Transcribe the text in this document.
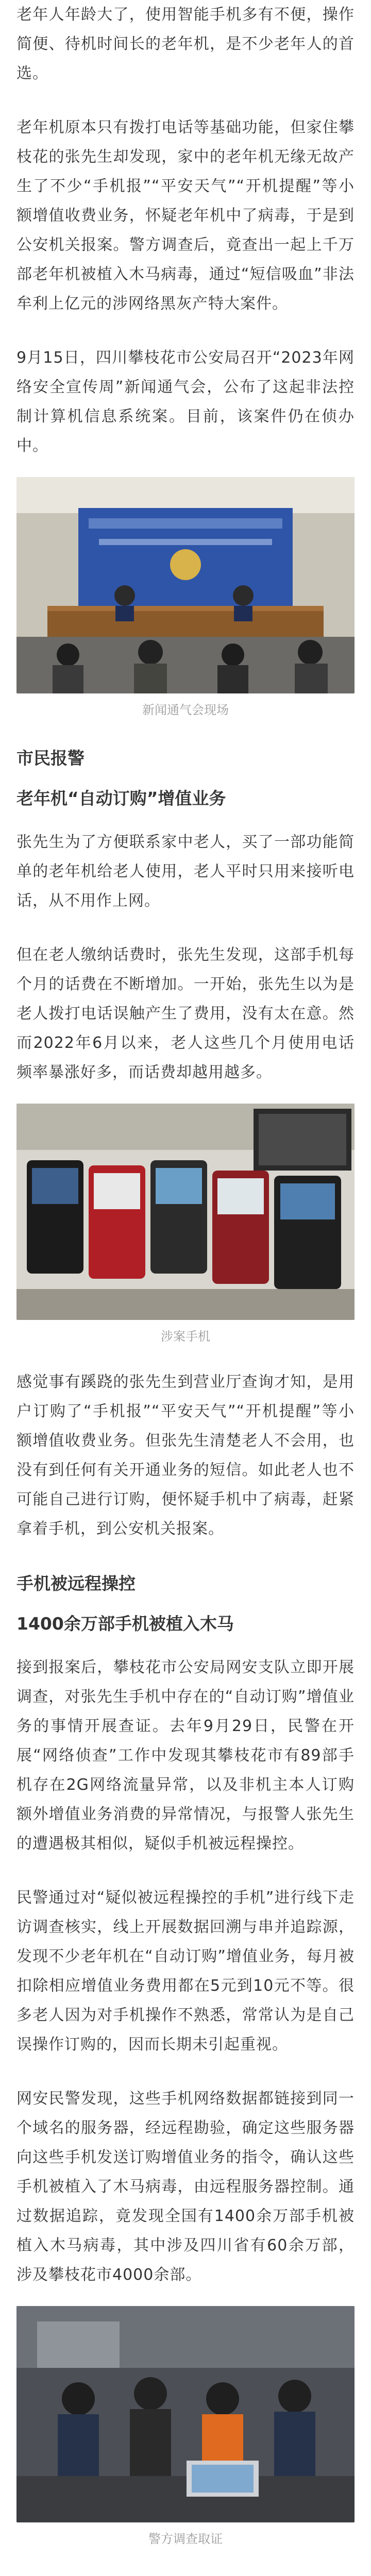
老年人年龄大了，使用智能手机多有不便，操作简便、待机时间长的老年机，是不少老年人的首选。

老年机原本只有拨打电话等基础功能，但家住攀枝花的张先生却发现，家中的老年机无缘无故产生了不少“手机报”“平安天气”“开机提醒”等小额增值收费业务，怀疑老年机中了病毒，于是到公安机关报案。警方调查后，竟查出一起上千万部老年机被植入木马病毒，通过“短信吸血”非法牟利上亿元的涉网络黑灰产特大案件。

9月15日，四川攀枝花市公安局召开“2023年网络安全宣传周”新闻通气会，公布了这起非法控制计算机信息系统案。目前，该案件仍在侦办中。

新闻通气会现场
市民报警
老年机“自动订购”增值业务

张先生为了方便联系家中老人，买了一部功能简单的老年机给老人使用，老人平时只用来接听电话，从不用作上网。

但在老人缴纳话费时，张先生发现，这部手机每个月的话费在不断增加。一开始，张先生以为是老人拨打电话误触产生了费用，没有太在意。然而2022年6月以来，老人这些几个月使用电话频率暴涨好多，而话费却越用越多。

涉案手机

感觉事有蹊跷的张先生到营业厅查询才知，是用户订购了“手机报”“平安天气”“开机提醒”等小额增值收费业务。但张先生清楚老人不会用，也没有到任何有关开通业务的短信。如此老人也不可能自己进行订购，便怀疑手机中了病毒，赶紧拿着手机，到公安机关报案。

手机被远程操控
1400余万部手机被植入木马

接到报案后，攀枝花市公安局网安支队立即开展调查，对张先生手机中存在的“自动订购”增值业务的事情开展查证。去年9月29日，民警在开展“网络侦查”工作中发现其攀枝花市有89部手机存在2G网络流量异常，以及非机主本人订购额外增值业务消费的异常情况，与报警人张先生的遭遇极其相似，疑似手机被远程操控。

民警通过对“疑似被远程操控的手机”进行线下走访调查核实，线上开展数据回溯与串并追踪源，发现不少老年机在“自动订购”增值业务，每月被扣除相应增值业务费用都在5元到10元不等。很多老人因为对手机操作不熟悉，常常认为是自己误操作订购的，因而长期未引起重视。

网安民警发现，这些手机网络数据都链接到同一个域名的服务器，经远程勘验，确定这些服务器向这些手机发送订购增值业务的指令，确认这些手机被植入了木马病毒，由远程服务器控制。通过数据追踪，竟发现全国有1400余万部手机被植入木马病毒，其中涉及四川省有60余万部，涉及攀枝花市4000余部。

警方调查取证
